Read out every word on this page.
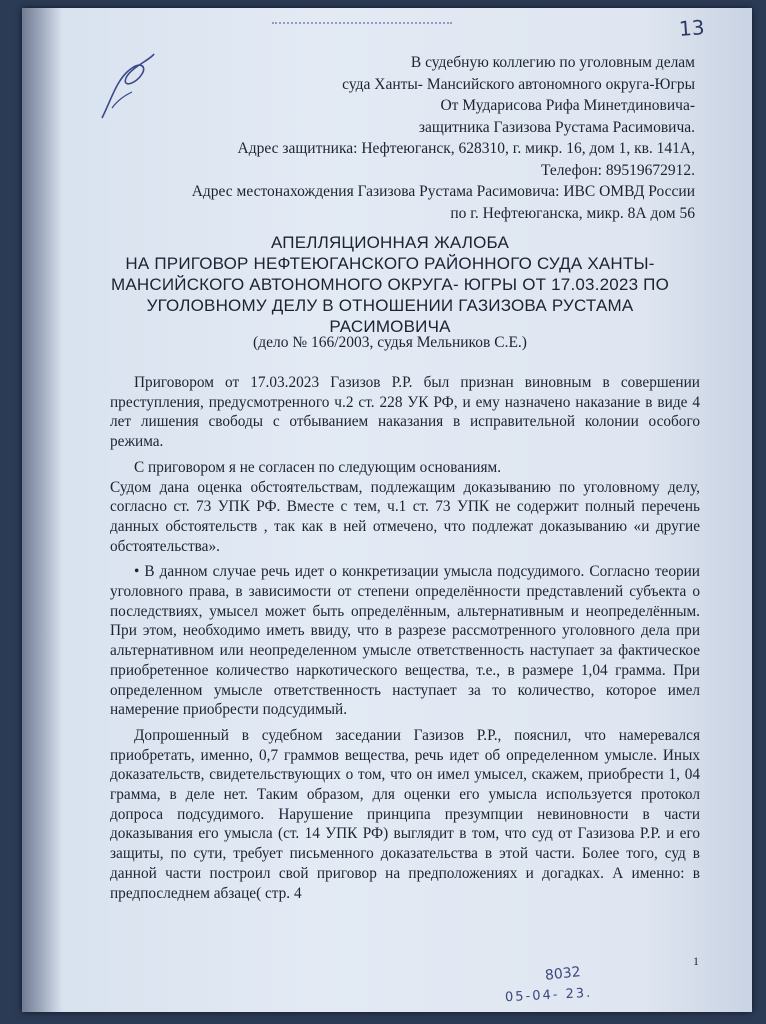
13
В судебную коллегию по уголовным делам
суда Ханты- Мансийского автономного округа-Югры
От Мударисова Рифа Минетдиновича-
защитника Газизова Рустама Расимовича.
Адрес защитника: Нефтеюганск, 628310, г. микр. 16, дом 1, кв. 141А,
Телефон: 89519672912.
Адрес местонахождения Газизова Рустама Расимовича: ИВС ОМВД России
по г. Нефтеюганска, микр. 8А дом 56
АПЕЛЛЯЦИОННАЯ ЖАЛОБА
НА ПРИГОВОР НЕФТЕЮГАНСКОГО РАЙОННОГО СУДА ХАНТЫ-
МАНСИЙСКОГО АВТОНОМНОГО ОКРУГА- ЮГРЫ ОТ 17.03.2023 ПО
УГОЛОВНОМУ ДЕЛУ В ОТНОШЕНИИ ГАЗИЗОВА РУСТАМА
РАСИМОВИЧА
(дело № 166/2003, судья Мельников С.Е.)

Приговором от 17.03.2023 Газизов Р.Р. был признан виновным в совершении преступления, предусмотренного ч.2 ст. 228 УК РФ, и ему назначено наказание в виде 4 лет лишения свободы с отбыванием наказания в исправительной колонии особого режима.

С приговором я не согласен по следующим основаниям.

Судом дана оценка обстоятельствам, подлежащим доказыванию по уголовному делу, согласно ст. 73 УПК РФ. Вместе с тем, ч.1 ст. 73 УПК не содержит полный перечень данных обстоятельств , так как в ней отмечено, что подлежат доказыванию «и другие обстоятельства».

• В данном случае речь идет о конкретизации умысла подсудимого. Согласно теории уголовного права, в зависимости от степени определённости представлений субъекта о последствиях, умысел может быть определённым, альтернативным и неопределённым. При этом, необходимо иметь ввиду, что в разрезе рассмотренного уголовного дела при альтернативном или неопределенном умысле ответственность наступает за фактическое приобретенное количество наркотического вещества, т.е., в размере 1,04 грамма. При определенном умысле ответственность наступает за то количество, которое имел намерение приобрести подсудимый.

Допрошенный в судебном заседании Газизов Р.Р., пояснил, что намеревался приобретать, именно, 0,7 граммов вещества, речь идет об определенном умысле. Иных доказательств, свидетельствующих о том, что он имел умысел, скажем, приобрести 1, 04 грамма, в деле нет. Таким образом, для оценки его умысла используется протокол допроса подсудимого. Нарушение принципа презумпции невиновности в части доказывания его умысла (ст. 14 УПК РФ) выглядит в том, что суд от Газизова Р.Р. и его защиты, по сути, требует письменного доказательства в этой части. Более того, суд в данной части построил свой приговор на предположениях и догадках. А именно: в предпоследнем абзаце( стр. 4

1
8032
05-04- 23.
